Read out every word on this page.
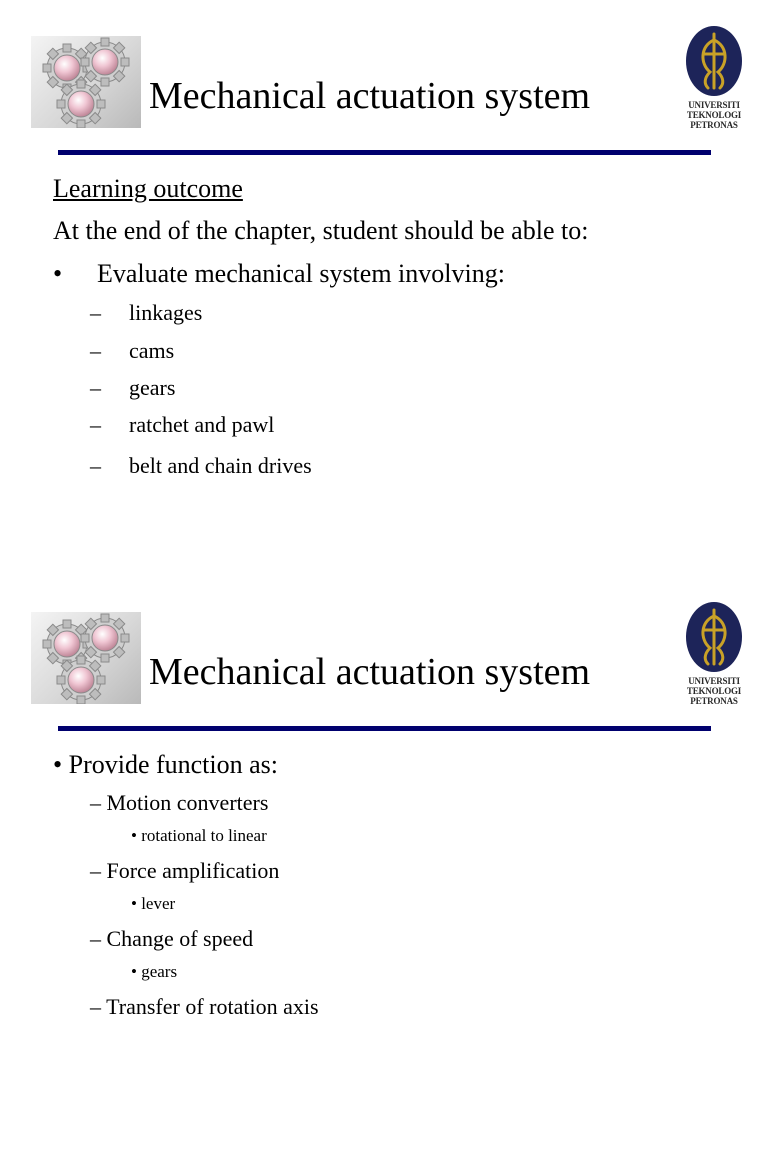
Mechanical actuation system	UNIVERSITI
TEKNOLOGI
PETRONAS
Learning outcome
At the end of the chapter, student should be able to:
• Evaluate mechanical system involving:
– linkages
– cams
– gears
– ratchet and pawl
– belt and chain drives
Mechanical actuation system	UNIVERSITI
TEKNOLOGI
PETRONAS
• Provide function as:
– Motion converters
• rotational to linear
– Force amplification
• lever
– Change of speed
• gears
– Transfer of rotation axis
